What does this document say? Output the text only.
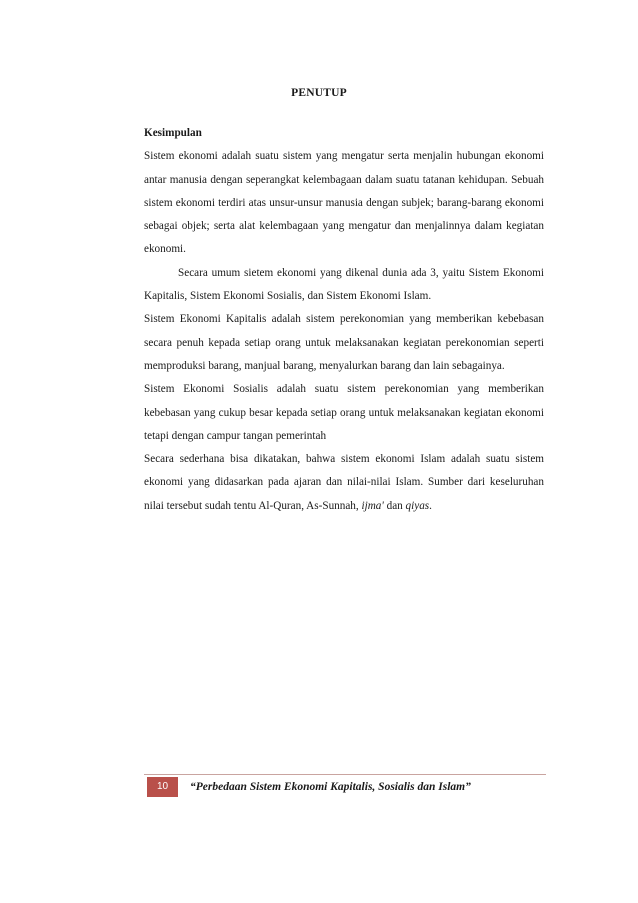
PENUTUP
Kesimpulan

Sistem ekonomi adalah suatu sistem yang mengatur serta menjalin hubungan ekonomi antar manusia dengan seperangkat kelembagaan dalam suatu tatanan kehidupan. Sebuah sistem ekonomi terdiri atas unsur-unsur manusia dengan subjek; barang-barang ekonomi sebagai objek; serta alat kelembagaan yang mengatur dan menjalinnya dalam kegiatan ekonomi.

Secara umum sietem ekonomi yang dikenal dunia ada 3, yaitu Sistem Ekonomi Kapitalis, Sistem Ekonomi Sosialis, dan Sistem Ekonomi Islam.

Sistem Ekonomi Kapitalis adalah sistem perekonomian yang memberikan kebebasan secara penuh kepada setiap orang untuk melaksanakan kegiatan perekonomian seperti memproduksi barang, manjual barang, menyalurkan barang dan lain sebagainya.

Sistem Ekonomi Sosialis adalah suatu sistem perekonomian yang memberikan kebebasan yang cukup besar kepada setiap orang untuk melaksanakan kegiatan ekonomi tetapi dengan campur tangan pemerintah

Secara sederhana bisa dikatakan, bahwa sistem ekonomi Islam adalah suatu sistem ekonomi yang didasarkan pada ajaran dan nilai-nilai Islam. Sumber dari keseluruhan nilai tersebut sudah tentu Al-Quran, As-Sunnah, ijma' dan qiyas.

10	“Perbedaan Sistem Ekonomi Kapitalis, Sosialis dan Islam”
